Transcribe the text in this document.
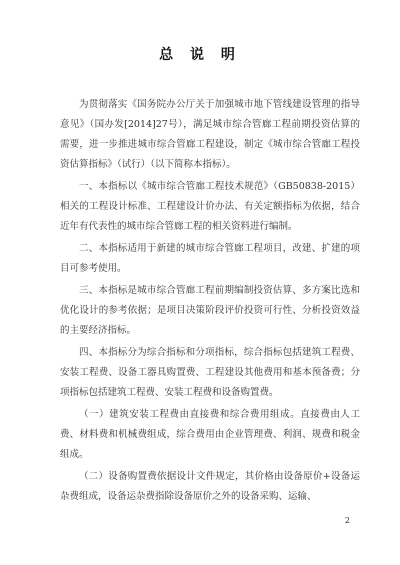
总 说 明

为贯彻落实《国务院办公厅关于加强城市地下管线建设管理的指导意见》（国办发[2014]27号），满足城市综合管廊工程前期投资估算的需要，进一步推进城市综合管廊工程建设，制定《城市综合管廊工程投资估算指标》（试行）（以下简称本指标）。

一、本指标以《城市综合管廊工程技术规范》（GB50838-2015）相关的工程设计标准、工程建设计价办法、有关定额指标为依据，结合近年有代表性的城市综合管廊工程的相关资料进行编制。

二、本指标适用于新建的城市综合管廊工程项目，改建、扩建的项目可参考使用。

三、本指标是城市综合管廊工程前期编制投资估算、多方案比选和优化设计的参考依据；是项目决策阶段评价投资可行性、分析投资效益的主要经济指标。

四、本指标分为综合指标和分项指标，综合指标包括建筑工程费、安装工程费、设备工器具购置费、工程建设其他费用和基本预备费；分项指标包括建筑工程费、安装工程费和设备购置费。

（一）建筑安装工程费由直接费和综合费用组成。直接费由人工费、材料费和机械费组成，综合费用由企业管理费、利润、规费和税金组成。

（二）设备购置费依据设计文件规定，其价格由设备原价+设备运杂费组成，设备运杂费指除设备原价之外的设备采购、运输、

2
